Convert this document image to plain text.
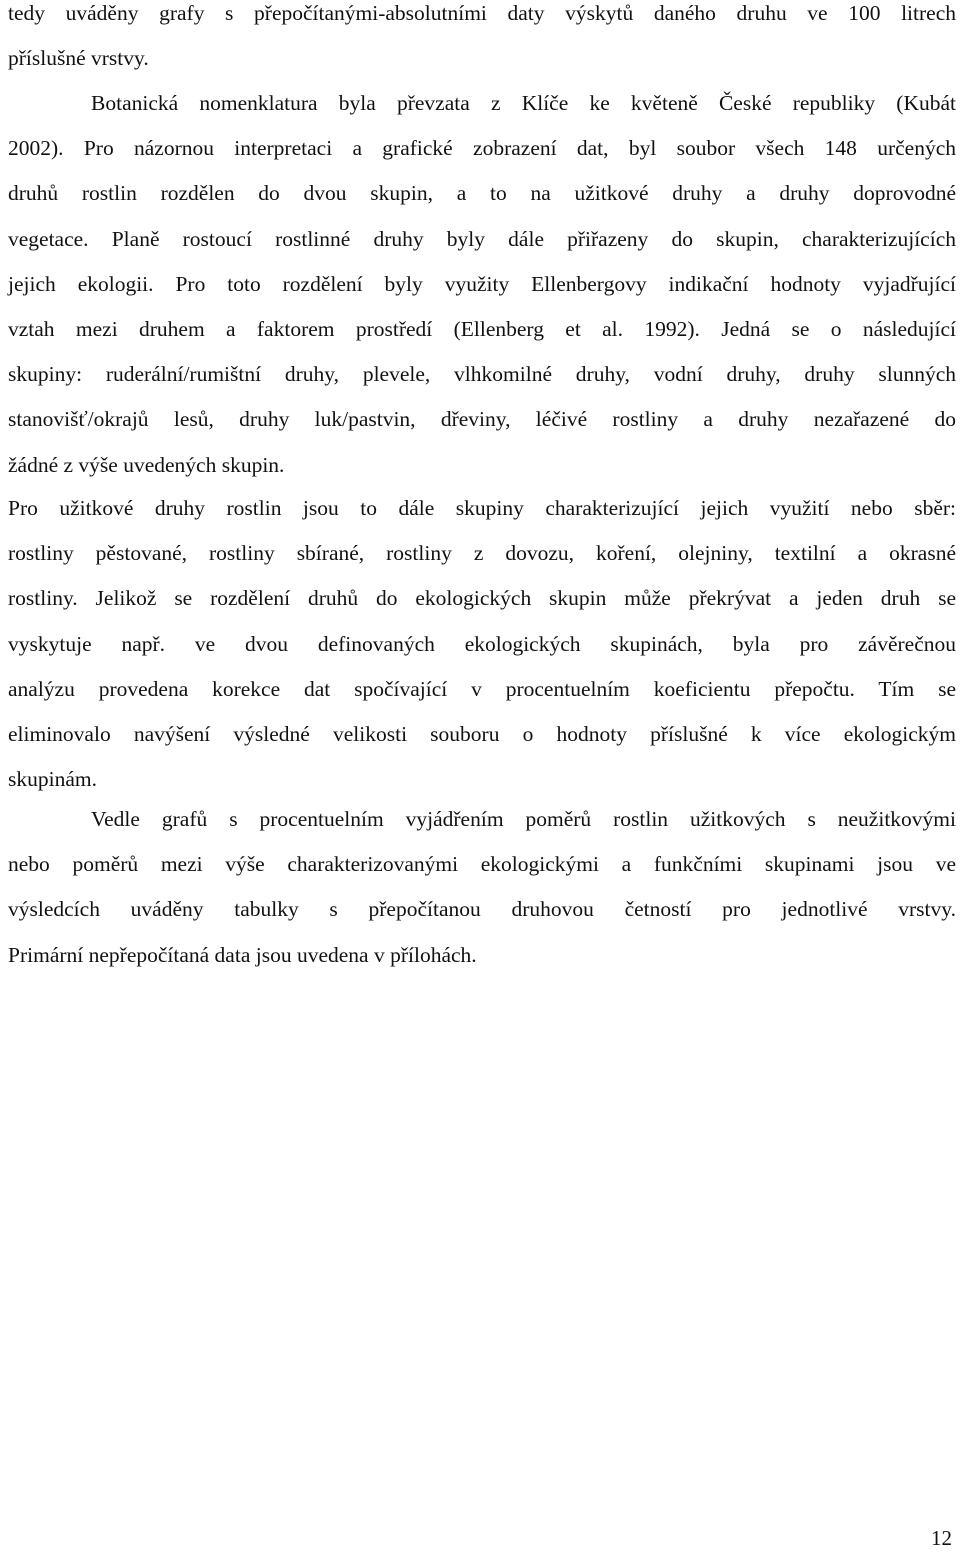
tedy uváděny grafy s přepočítanými-absolutními daty výskytů daného druhu ve 100 litrech
příslušné vrstvy.
Botanická nomenklatura byla převzata z Klíče ke květeně České republiky (Kubát
2002). Pro názornou interpretaci a grafické zobrazení dat, byl soubor všech 148 určených
druhů rostlin rozdělen do dvou skupin, a to na užitkové druhy a druhy doprovodné
vegetace. Planě rostoucí rostlinné druhy byly dále přiřazeny do skupin, charakterizujících
jejich ekologii. Pro toto rozdělení byly využity Ellenbergovy indikační hodnoty vyjadřující
vztah mezi druhem a faktorem prostředí (Ellenberg et al. 1992). Jedná se o následující
skupiny: ruderální/rumištní druhy, plevele, vlhkomilné druhy, vodní druhy, druhy slunných
stanovišť/okrajů lesů, druhy luk/pastvin, dřeviny, léčivé rostliny a druhy nezařazené do
žádné z výše uvedených skupin.
Pro užitkové druhy rostlin jsou to dále skupiny charakterizující jejich využití nebo sběr:
rostliny pěstované, rostliny sbírané, rostliny z dovozu, koření, olejniny, textilní a okrasné
rostliny. Jelikož se rozdělení druhů do ekologických skupin může překrývat a jeden druh se
vyskytuje např. ve dvou definovaných ekologických skupinách, byla pro závěrečnou
analýzu provedena korekce dat spočívající v procentuelním koeficientu přepočtu. Tím se
eliminovalo navýšení výsledné velikosti souboru o hodnoty příslušné k více ekologickým
skupinám.
Vedle grafů s procentuelním vyjádřením poměrů rostlin užitkových s neužitkovými
nebo poměrů mezi výše charakterizovanými ekologickými a funkčními skupinami jsou ve
výsledcích uváděny tabulky s přepočítanou druhovou četností pro jednotlivé vrstvy.
Primární nepřepočítaná data jsou uvedena v přílohách.
12
